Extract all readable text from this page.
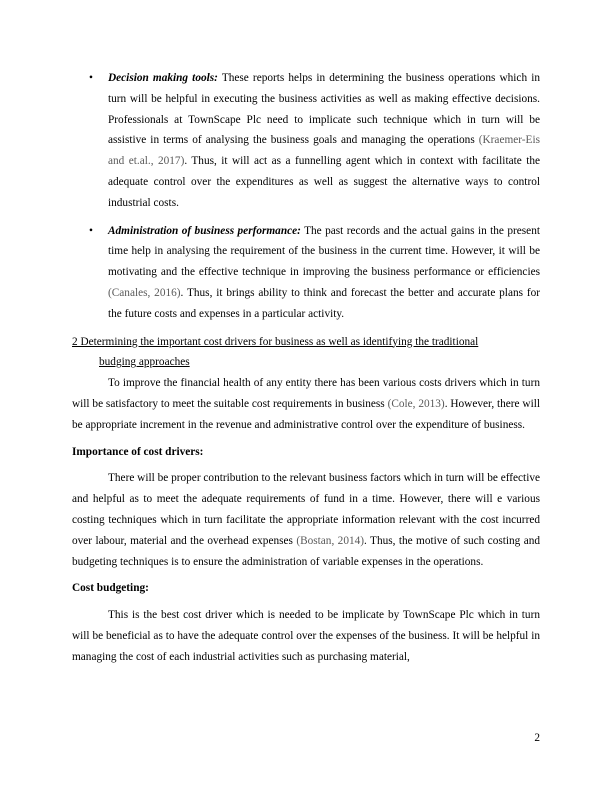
• Decision making tools: These reports helps in determining the business operations which in turn will be helpful in executing the business activities as well as making effective decisions. Professionals at TownScape Plc need to implicate such technique which in turn will be assistive in terms of analysing the business goals and managing the operations (Kraemer-Eis and et.al., 2017). Thus, it will act as a funnelling agent which in context with facilitate the adequate control over the expenditures as well as suggest the alternative ways to control industrial costs.

• Administration of business performance: The past records and the actual gains in the present time help in analysing the requirement of the business in the current time. However, it will be motivating and the effective technique in improving the business performance or efficiencies (Canales, 2016). Thus, it brings ability to think and forecast the better and accurate plans for the future costs and expenses in a particular activity.

2 Determining the important cost drivers for business as well as identifying the traditional
budging approaches

To improve the financial health of any entity there has been various costs drivers which in turn will be satisfactory to meet the suitable cost requirements in business (Cole, 2013). However, there will be appropriate increment in the revenue and administrative control over the expenditure of business.

Importance of cost drivers:

There will be proper contribution to the relevant business factors which in turn will be effective and helpful as to meet the adequate requirements of fund in a time. However, there will e various costing techniques which in turn facilitate the appropriate information relevant with the cost incurred over labour, material and the overhead expenses (Bostan, 2014). Thus, the motive of such costing and budgeting techniques is to ensure the administration of variable expenses in the operations.

Cost budgeting:

This is the best cost driver which is needed to be implicate by TownScape Plc which in turn will be beneficial as to have the adequate control over the expenses of the business. It will be helpful in managing the cost of each industrial activities such as purchasing material,

2
